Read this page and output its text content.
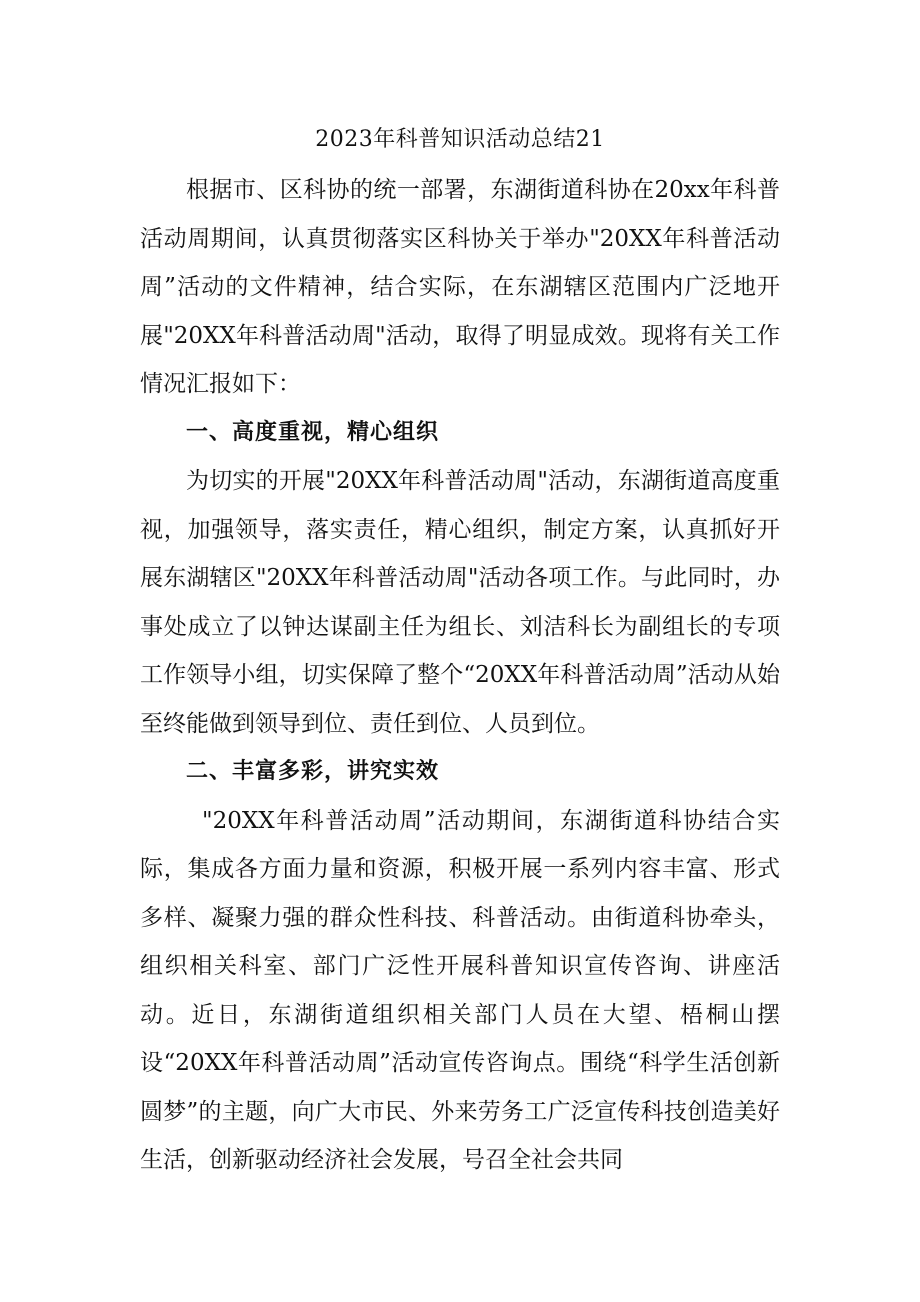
2023年科普知识活动总结21

根据市、区科协的统一部署，东湖街道科协在20xx年科普活动周期间，认真贯彻落实区科协关于举办"20XX年科普活动周”活动的文件精神，结合实际，在东湖辖区范围内广泛地开展"20XX年科普活动周"活动，取得了明显成效。现将有关工作情况汇报如下：

一、高度重视，精心组织

为切实的开展"20XX年科普活动周"活动，东湖街道高度重视，加强领导，落实责任，精心组织，制定方案，认真抓好开展东湖辖区"20XX年科普活动周"活动各项工作。与此同时，办事处成立了以钟达谋副主任为组长、刘洁科长为副组长的专项工作领导小组，切实保障了整个“20XX年科普活动周”活动从始至终能做到领导到位、责任到位、人员到位。

二、丰富多彩，讲究实效

"20XX年科普活动周”活动期间，东湖街道科协结合实际，集成各方面力量和资源，积极开展一系列内容丰富、形式多样、凝聚力强的群众性科技、科普活动。由街道科协牵头，组织相关科室、部门广泛性开展科普知识宣传咨询、讲座活动。近日，东湖街道组织相关部门人员在大望、梧桐山摆设“20XX年科普活动周”活动宣传咨询点。围绕“科学生活创新圆梦”的主题，向广大市民、外来劳务工广泛宣传科技创造美好生活，创新驱动经济社会发展，号召全社会共同
